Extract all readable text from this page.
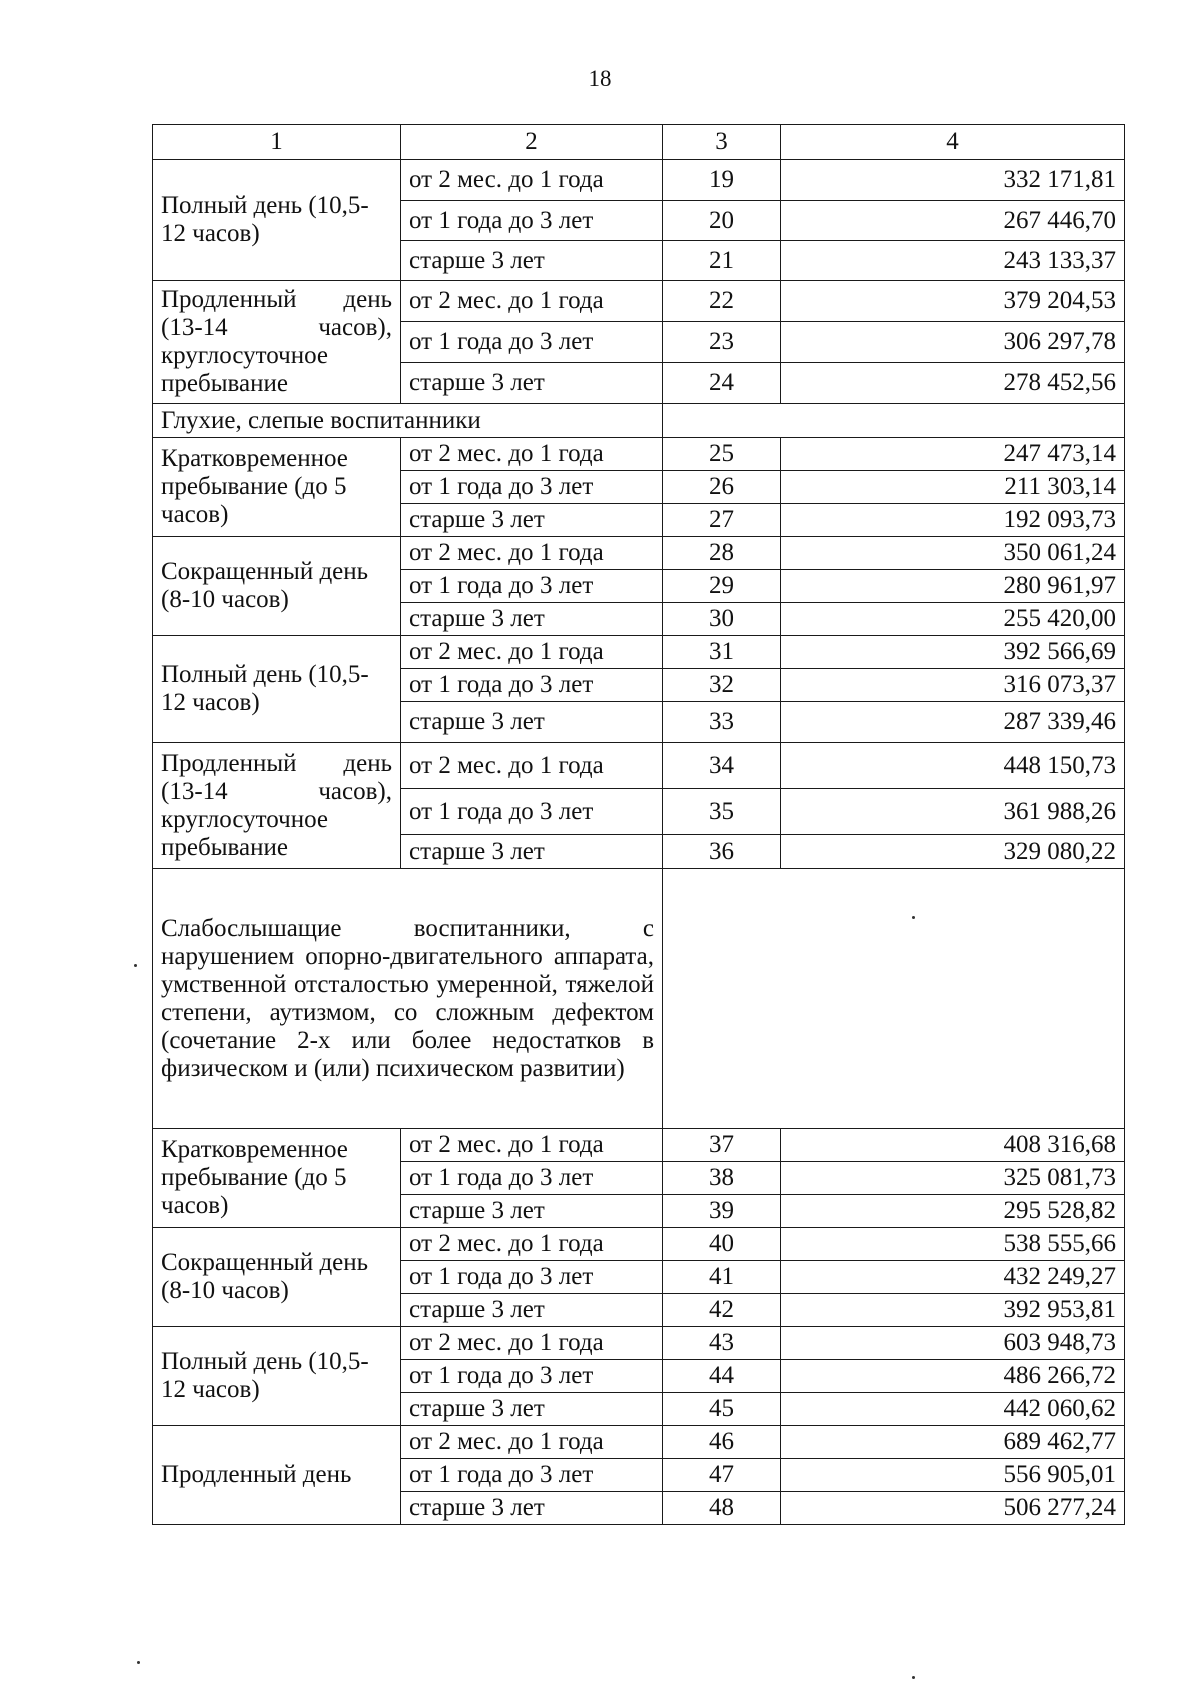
18
1	2	3	4
Полный день (10,5-12 часов)	от 2 мес. до 1 года	19	332 171,81
	от 1 года до 3 лет	20	267 446,70
	старше 3 лет	21	243 133,37
Продленный день (13-14 часов), круглосуточное пребывание	от 2 мес. до 1 года	22	379 204,53
	от 1 года до 3 лет	23	306 297,78
	старше 3 лет	24	278 452,56
Глухие, слепые воспитанники			
Кратковременное пребывание (до 5 часов)	от 2 мес. до 1 года	25	247 473,14
	от 1 года до 3 лет	26	211 303,14
	старше 3 лет	27	192 093,73
Сокращенный день (8-10 часов)	от 2 мес. до 1 года	28	350 061,24
	от 1 года до 3 лет	29	280 961,97
	старше 3 лет	30	255 420,00
Полный день (10,5-12 часов)	от 2 мес. до 1 года	31	392 566,69
	от 1 года до 3 лет	32	316 073,37
	старше 3 лет	33	287 339,46
Продленный день (13-14 часов), круглосуточное пребывание	от 2 мес. до 1 года	34	448 150,73
	от 1 года до 3 лет	35	361 988,26
	старше 3 лет	36	329 080,22
Слабослышащие воспитанники, с нарушением опорно-двигательного аппарата, умственной отсталостью умеренной, тяжелой степени, аутизмом, со сложным дефектом (сочетание 2-х или более недостатков в физическом и (или) психическом развитии)			
Кратковременное пребывание (до 5 часов)	от 2 мес. до 1 года	37	408 316,68
	от 1 года до 3 лет	38	325 081,73
	старше 3 лет	39	295 528,82
Сокращенный день (8-10 часов)	от 2 мес. до 1 года	40	538 555,66
	от 1 года до 3 лет	41	432 249,27
	старше 3 лет	42	392 953,81
Полный день (10,5-12 часов)	от 2 мес. до 1 года	43	603 948,73
	от 1 года до 3 лет	44	486 266,72
	старше 3 лет	45	442 060,62
Продленный день	от 2 мес. до 1 года	46	689 462,77
	от 1 года до 3 лет	47	556 905,01
	старше 3 лет	48	506 277,24
